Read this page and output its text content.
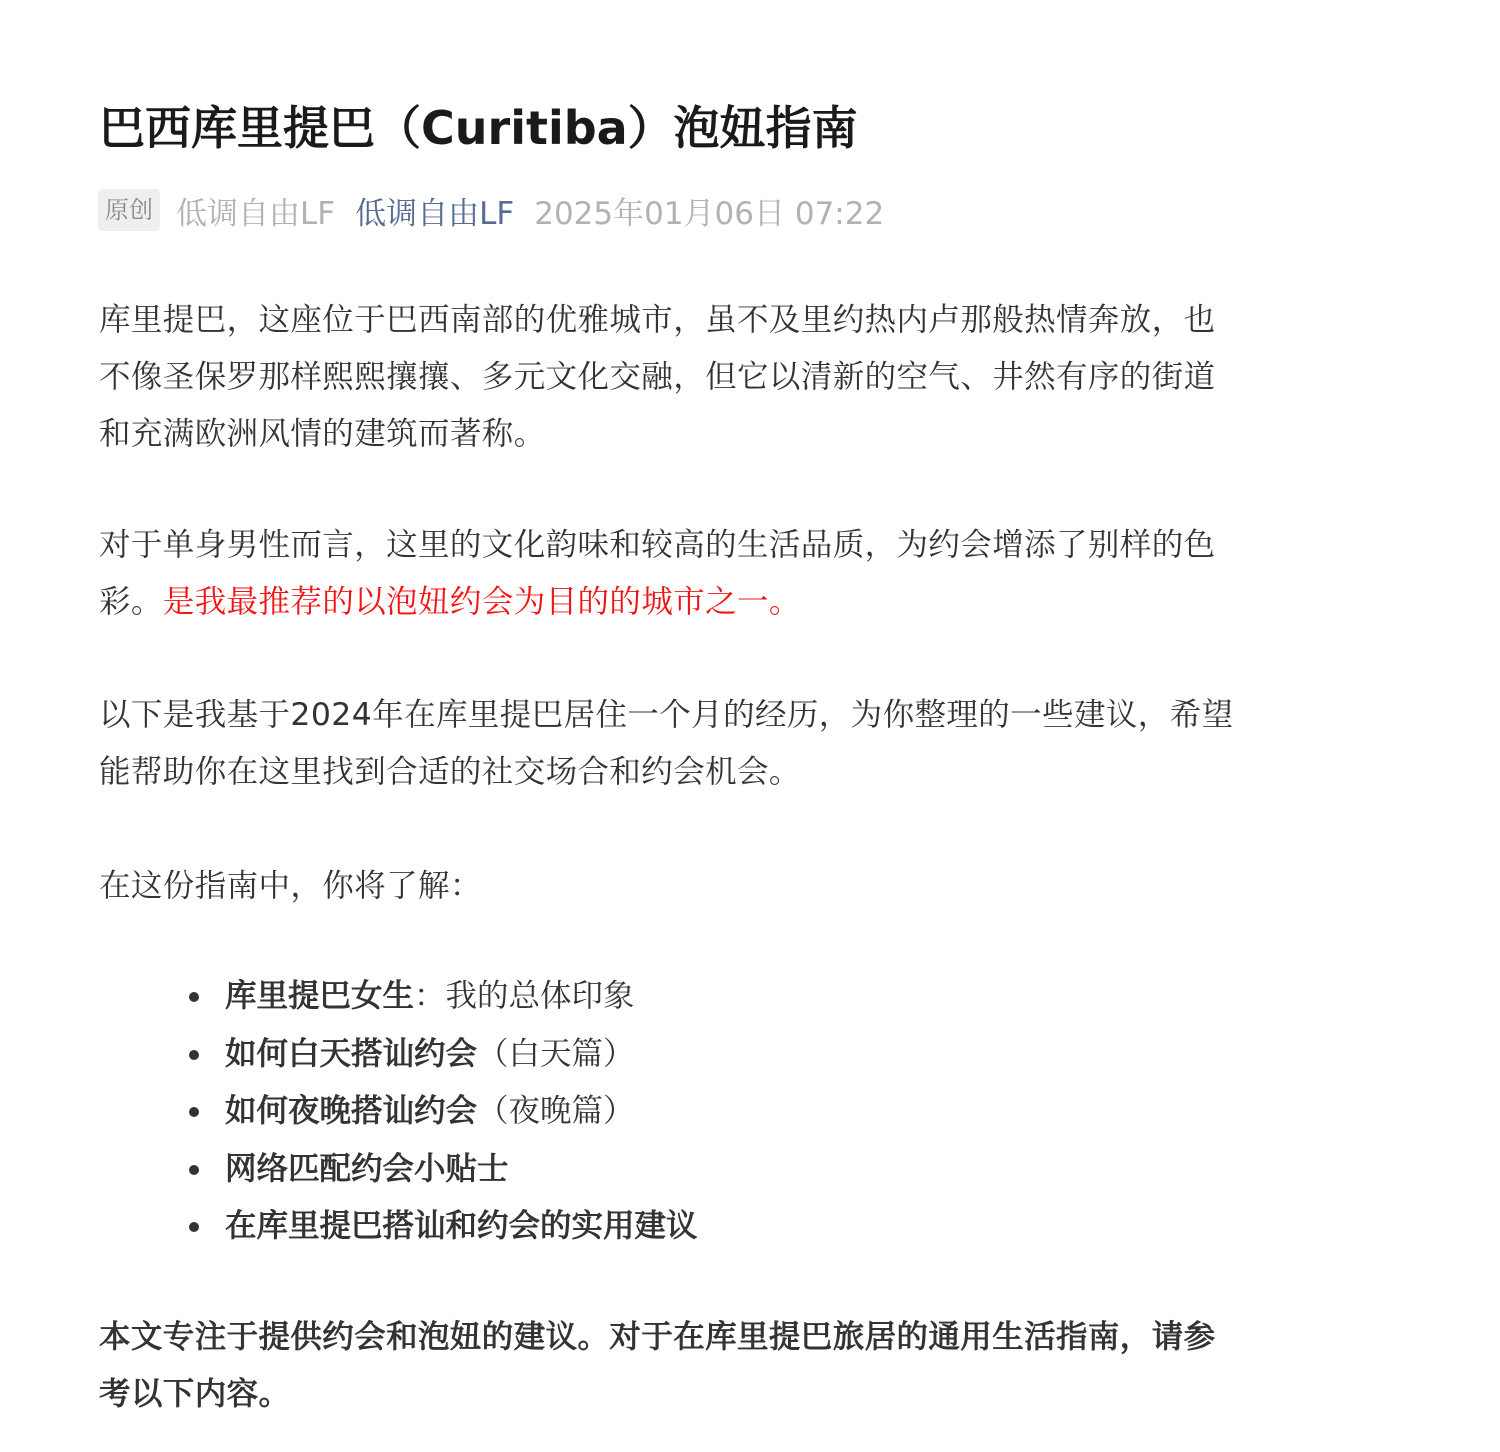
巴西库里提巴（Curitiba）泡妞指南
原创 低调自由LF 低调自由LF 2025年01月06日 07:22

库里提巴，这座位于巴西南部的优雅城市，虽不及里约热内卢那般热情奔放，也
不像圣保罗那样熙熙攘攘、多元文化交融，但它以清新的空气、井然有序的街道
和充满欧洲风情的建筑而著称。

对于单身男性而言，这里的文化韵味和较高的生活品质，为约会增添了别样的色
彩。是我最推荐的以泡妞约会为目的的城市之一。

以下是我基于2024年在库里提巴居住一个月的经历，为你整理的一些建议，希望
能帮助你在这里找到合适的社交场合和约会机会。

在这份指南中，你将了解：

库里提巴女生：我的总体印象
如何白天搭讪约会（白天篇）
如何夜晚搭讪约会（夜晚篇）
网络匹配约会小贴士
在库里提巴搭讪和约会的实用建议

本文专注于提供约会和泡妞的建议。对于在库里提巴旅居的通用生活指南，请参
考以下内容。
